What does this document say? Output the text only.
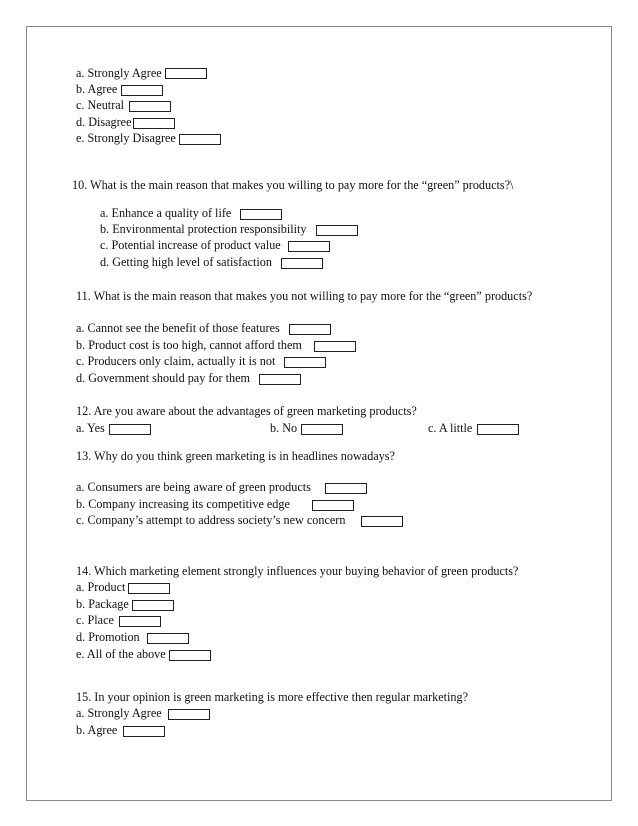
a. Strongly Agree
b. Agree
c. Neutral
d. Disagree
e. Strongly Disagree
10. What is the main reason that makes you willing to pay more for the “green” products?\
a. Enhance a quality of life
b. Environmental protection responsibility
c. Potential increase of product value
d. Getting high level of satisfaction
11. What is the main reason that makes you not willing to pay more for the “green” products?
a. Cannot see the benefit of those features
b. Product cost is too high, cannot afford them
c. Producers only claim, actually it is not
d. Government should pay for them
12. Are you aware about the advantages of green marketing products?
a. Yes	b. No	c. A little
13. Why do you think green marketing is in headlines nowadays?
a. Consumers are being aware of green products
b. Company increasing its competitive edge
c. Company’s attempt to address society’s new concern
14. Which marketing element strongly influences your buying behavior of green products?
a. Product
b. Package
c. Place
d. Promotion
e. All of the above
15. In your opinion is green marketing is more effective then regular marketing?
a. Strongly Agree
b. Agree
